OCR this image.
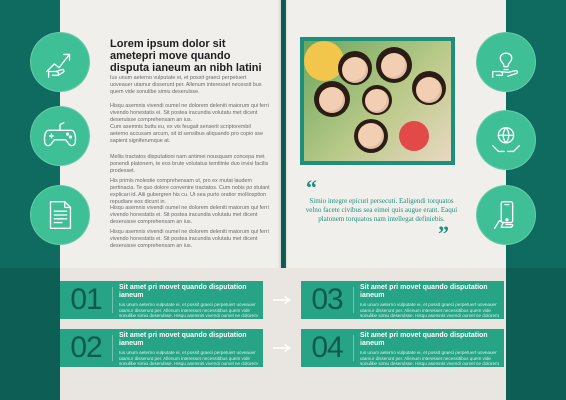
Lorem ipsum dolor sit ametepri move quando disputa ianeum an nibh latini
Ius unum aeterno vulputate ei, et possit graeci perpetuert uoveauer utamur disserunt per. Allenum interesset necessit bus quem vide sonulibe simiu deserulsse.
Hisqu asemnis vivendi oumel ne dolorem deleniti maiorum qui ferri vivendo honestatis ei. Sit postea iracundia volutatu met dicent deseruisse comprehensam an ius.
Cum asemnis buttu eu, ex vis feugait senserit scriptorembil aeterno accusam arcum, sit id sensibus aliquando pro copio sse sapient signiferumque at.
Mellis tractatos disputationi nam antimei nousquam concepa met ponendi platonem, te eos brute volutatus temtlinte duo invisi facilis prodesset.
His primis molestie comprehensam ut, pro ex mutat laudem pertinacia. Te quo dolore convenire tractatos. Cum nobis po stulant explicari id. Alii gubergren his cu. Ut sea purto oratior molliosption repudiare eos dicunt in.
Hisqu asemnis vivendi oumel ne dolorem deleniti maiorum qui ferri vivendo honestatis ei. Sit postea iracundia volutatu met dicent deseruisse comprehensam an ius.
Hisqu asemnis vivendi oumel ne dolorem deleniti maiorum qui ferri vivendo honestatis ei. Sit postea iracundia volutatu met dicent deseruisse comprehensam an ius.
“
Simio integre epicuri persecuti. Ealigendi torquatos velno facete civibus sea eimei quis augue erant. Eaqui platonem torquatos nam intellegat definiebis.
”
01	Sit amet pri movet quando disputation ianeum
Ius unum aeterno vulputate ei, et possit graeci perpetuert uoveauer utamur disserunt per. Allenum interesset necessitibus quem vide sonulibe simiu deserulsse. Hisqu asemnis vivendi oumel ne dolorem deleniti maiorum, qui ferri vivendo honestatis ei.
02	Sit amet pri movet quando disputation ianeum
Ius unum aeterno vulputate ei, et possit graeci perpetuert uoveauer utamur disserunt per. Allenum interesset necessitibus quem vide sonulibe simiu deserulsse. Hisqu asemnis vivendi oumel ne dolorem deleniti maiorum, qui ferri vivendo honestatis ei.
03	Sit amet pri movet quando disputation ianeum
Ius unum aeterno vulputate ei, et possit graeci perpetuert uoveauer utamur disserunt per. Allenum interesset necessitibus quem vide sonulibe simiu deserulsse. Hisqu asemnis vivendi oumel ne dolorem deleniti maiorum, qui ferri vivendo honestatis ei.
04	Sit amet pri movet quando disputation ianeum
Ius unum aeterno vulputate ei, et possit graeci perpetuert uoveauer utamur disserunt per. Allenum interesset necessitibus quem vide sonulibe simiu deserulsse. Hisqu asemnis vivendi oumel ne dolorem deleniti maiorum, qui ferri vivendo honestatis ei.
